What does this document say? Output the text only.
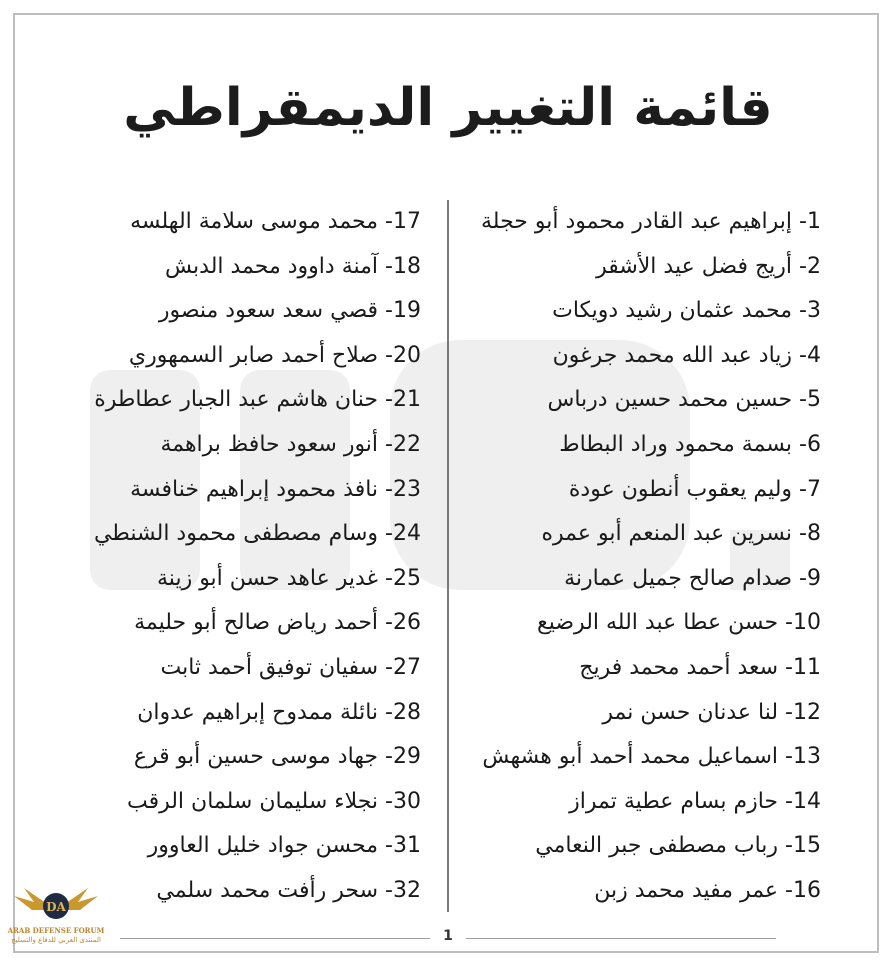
قائمة التغيير الديمقراطي
1- إبراهيم عبد القادر محمود أبو حجلة
2- أريج فضل عيد الأشقر
3- محمد عثمان رشيد دويكات
4- زياد عبد الله محمد جرغون
5- حسين محمد حسين درباس
6- بسمة محمود وراد البطاط
7- وليم يعقوب أنطون عودة
8- نسرين عبد المنعم أبو عمره
9- صدام صالح جميل عمارنة
10- حسن عطا عبد الله الرضيع
11- سعد أحمد محمد فريج
12- لنا عدنان حسن نمر
13- اسماعيل محمد أحمد أبو هشهش
14- حازم بسام عطية تمراز
15- رباب مصطفى جبر النعامي
16- عمر مفيد محمد زبن
17- محمد موسى سلامة الهلسه
18- آمنة داوود محمد الدبش
19- قصي سعد سعود منصور
20- صلاح أحمد صابر السمهوري
21- حنان هاشم عبد الجبار عطاطرة
22- أنور سعود حافظ براهمة
23- نافذ محمود إبراهيم خنافسة
24- وسام مصطفى محمود الشنطي
25- غدير عاهد حسن أبو زينة
26- أحمد رياض صالح أبو حليمة
27- سفيان توفيق أحمد ثابت
28- نائلة ممدوح إبراهيم عدوان
29- جهاد موسى حسين أبو قرع
30- نجلاء سليمان سلمان الرقب
31- محسن جواد خليل العاوور
32- سحر رأفت محمد سلمي
1
DA
ARAB DEFENSE FORUM
المنتدى العربي للدفاع والتسليح
